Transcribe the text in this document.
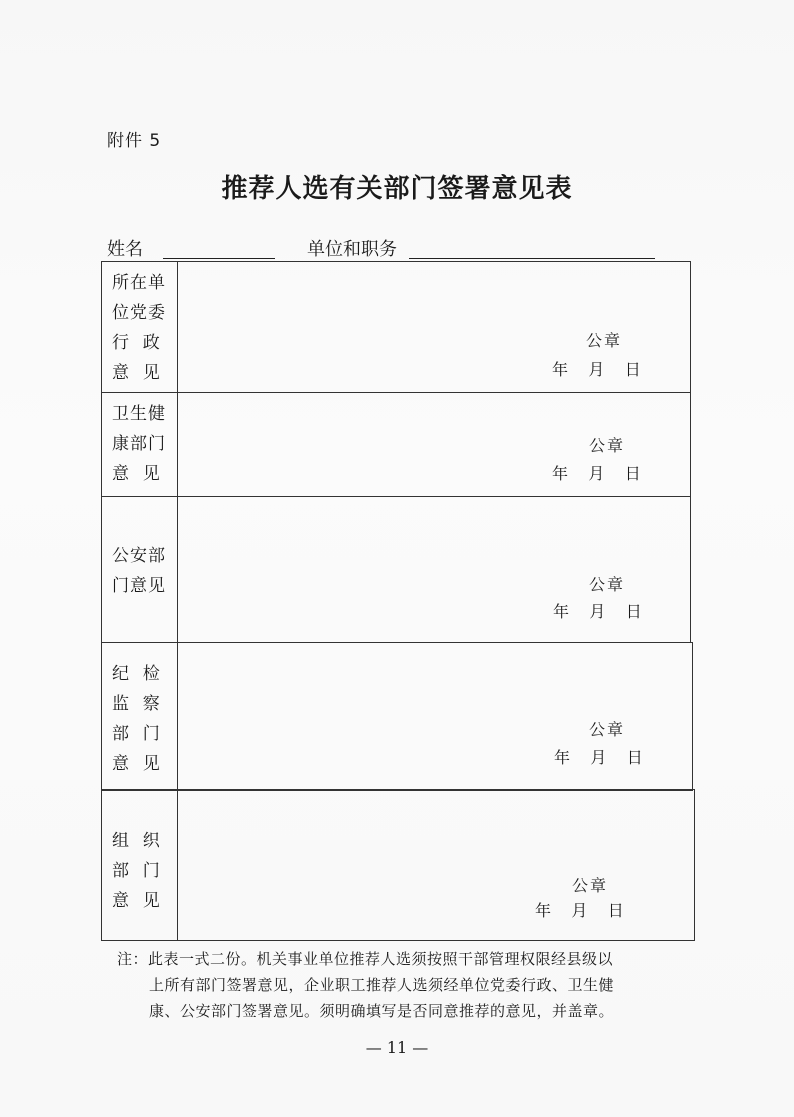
附件 5
推荐人选有关部门签署意见表
姓名	单位和职务
所在单
位党委
行  政
意  见
公章
年    月    日
卫生健
康部门
意  见
公章
年    月    日
公安部
门意见	公章
年    月    日
纪  检
监  察
部  门
意  见
公章
年    月    日
组  织
部  门
意  见
公章
年    月    日
注：此表一式二份。机关事业单位推荐人选须按照干部管理权限经县级以
上所有部门签署意见，企业职工推荐人选须经单位党委行政、卫生健
康、公安部门签署意见。须明确填写是否同意推荐的意见，并盖章。
— 11 —
